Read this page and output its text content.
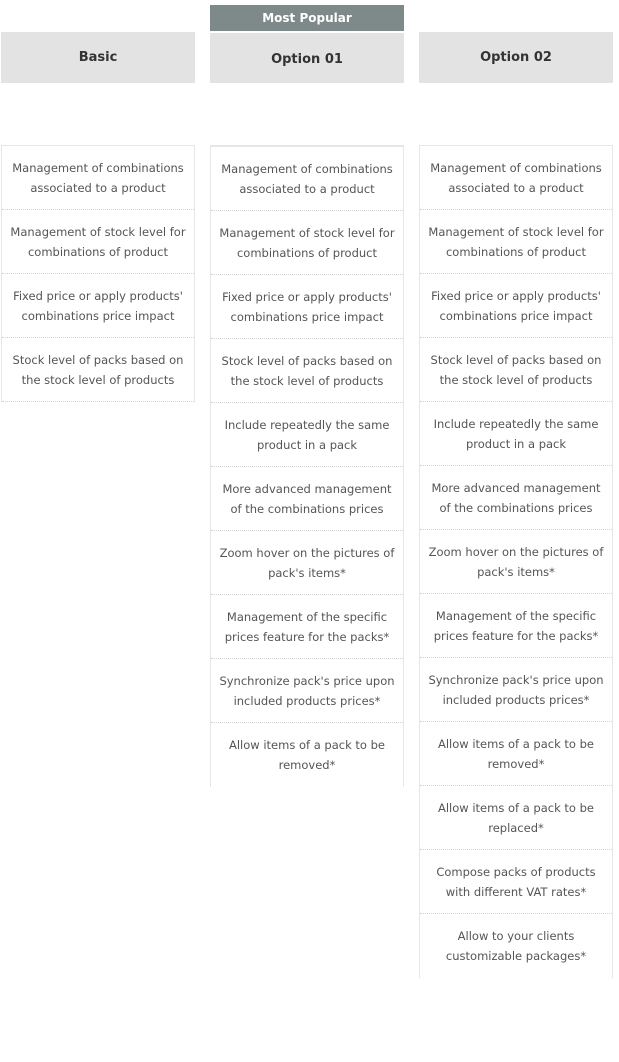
Most Popular
Basic	Option 01	Option 02
Management of combinations associated to a product
Management of stock level for combinations of product
Fixed price or apply products' combinations price impact
Stock level of packs based on the stock level of products
Management of combinations associated to a product
Management of stock level for combinations of product
Fixed price or apply products' combinations price impact
Stock level of packs based on the stock level of products
Include repeatedly the same product in a pack
More advanced management of the combinations prices
Zoom hover on the pictures of pack's items*
Management of the specific prices feature for the packs*
Synchronize pack's price upon included products prices*
Allow items of a pack to be removed*
Management of combinations associated to a product
Management of stock level for combinations of product
Fixed price or apply products' combinations price impact
Stock level of packs based on the stock level of products
Include repeatedly the same product in a pack
More advanced management of the combinations prices
Zoom hover on the pictures of pack's items*
Management of the specific prices feature for the packs*
Synchronize pack's price upon included products prices*
Allow items of a pack to be removed*
Allow items of a pack to be replaced*
Compose packs of products with different VAT rates*
Allow to your clients customizable packages*
